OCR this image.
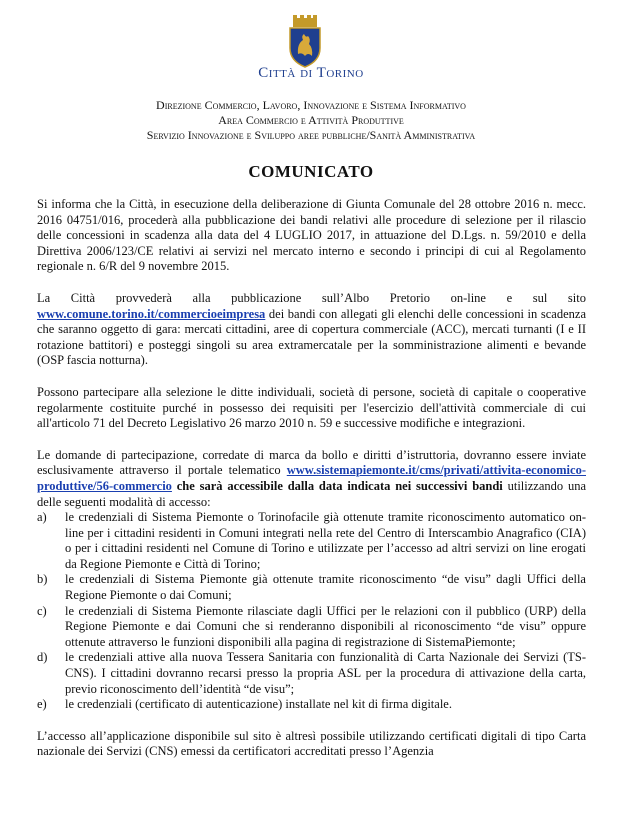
Città di Torino
Direzione Commercio, Lavoro, Innovazione e Sistema Informativo
Area Commercio e Attività Produttive
Servizio Innovazione e Sviluppo aree pubbliche/Sanità Amministrativa
COMUNICATO

Si informa che la Città, in esecuzione della deliberazione di Giunta Comunale del 28 ottobre 2016 n. mecc. 2016 04751/016, procederà alla pubblicazione dei bandi relativi alle procedure di selezione per il rilascio delle concessioni in scadenza alla data del 4 LUGLIO 2017, in attuazione del D.Lgs. n. 59/2010 e della Direttiva 2006/123/CE relativi ai servizi nel mercato interno e secondo i principi di cui al Regolamento regionale n. 6/R del 9 novembre 2015.

La Città provvederà alla pubblicazione sull’Albo Pretorio on-line e sul sito www.comune.torino.it/commercioeimpresa dei bandi con allegati gli elenchi delle concessioni in scadenza che saranno oggetto di gara: mercati cittadini, aree di copertura commerciale (ACC), mercati turnanti (I e II rotazione battitori) e posteggi singoli su area extramercatale per la somministrazione alimenti e bevande (OSP fascia notturna).

Possono partecipare alla selezione le ditte individuali, società di persone, società di capitale o cooperative regolarmente costituite purché in possesso dei requisiti per l'esercizio dell'attività commerciale di cui all'articolo 71 del Decreto Legislativo 26 marzo 2010 n. 59 e successive modifiche e integrazioni.

Le domande di partecipazione, corredate di marca da bollo e diritti d’istruttoria, dovranno essere inviate esclusivamente attraverso il portale telematico www.sistemapiemonte.it/cms/privati/attivita-economico-produttive/56-commercio che sarà accessibile dalla data indicata nei successivi bandi utilizzando una delle seguenti modalità di accesso:

a)	le credenziali di Sistema Piemonte o Torinofacile già ottenute tramite riconoscimento automatico on-line per i cittadini residenti in Comuni integrati nella rete del Centro di Interscambio Anagrafico (CIA) o per i cittadini residenti nel Comune di Torino e utilizzate per l’accesso ad altri servizi on line erogati da Regione Piemonte e Città di Torino;
b)	le credenziali di Sistema Piemonte già ottenute tramite riconoscimento “de visu” dagli Uffici della Regione Piemonte o dai Comuni;
c)	le credenziali di Sistema Piemonte rilasciate dagli Uffici per le relazioni con il pubblico (URP) della Regione Piemonte e dai Comuni che si renderanno disponibili al riconoscimento “de visu” oppure ottenute attraverso le funzioni disponibili alla pagina di registrazione di SistemaPiemonte;
d)	le credenziali attive alla nuova Tessera Sanitaria con funzionalità di Carta Nazionale dei Servizi (TS-CNS). I cittadini dovranno recarsi presso la propria ASL per la procedura di attivazione della carta, previo riconoscimento dell’identità “de visu”;
e)	le credenziali (certificato di autenticazione) installate nel kit di firma digitale.

L’accesso all’applicazione disponibile sul sito è altresì possibile utilizzando certificati digitali di tipo Carta nazionale dei Servizi (CNS) emessi da certificatori accreditati presso l’Agenzia
